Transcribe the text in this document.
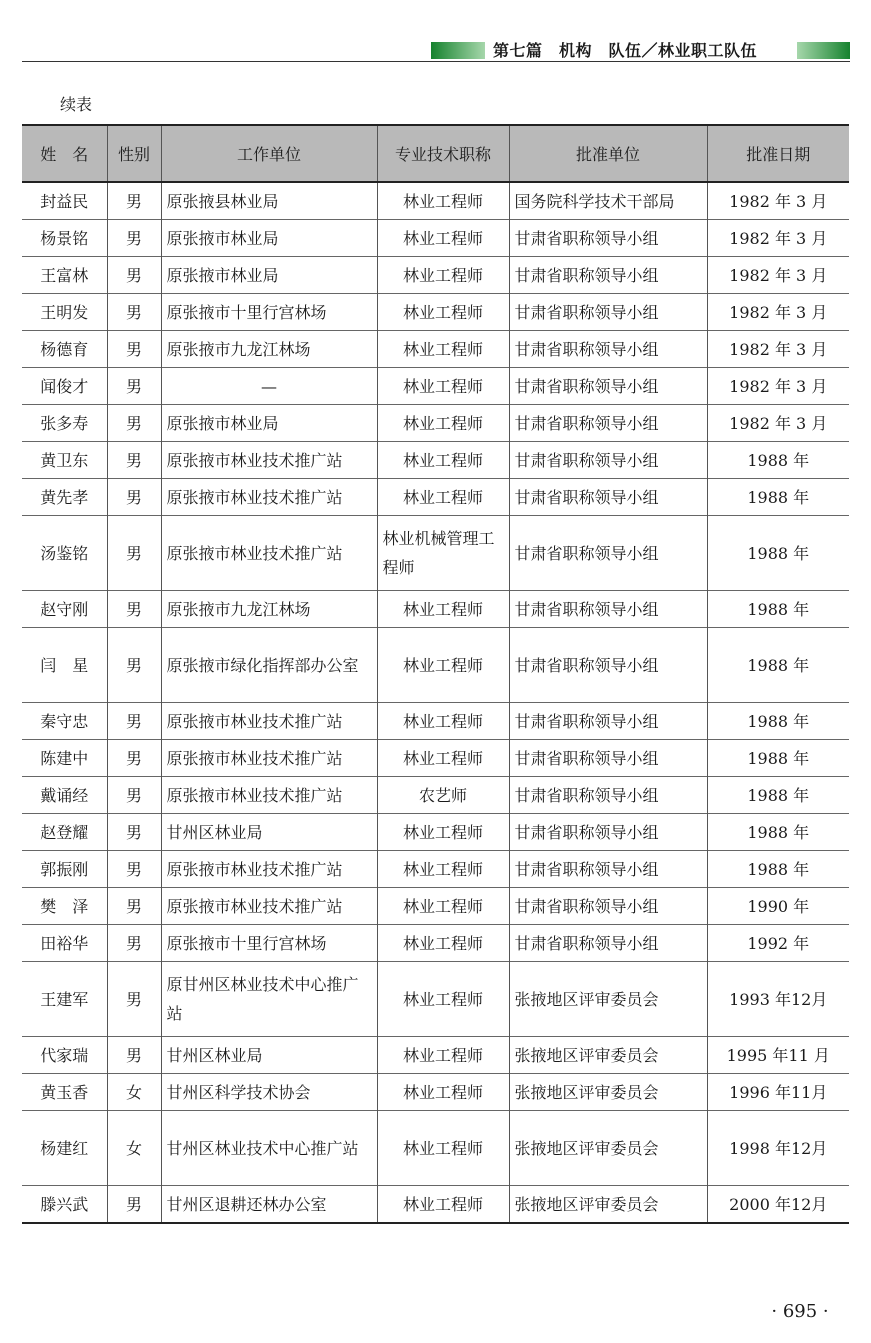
第七篇　机构　队伍／林业职工队伍
续表
姓　名	性别	工作单位	专业技术职称	批准单位	批准日期
封益民	男	原张掖县林业局	林业工程师	国务院科学技术干部局	1982 年 3 月
杨景铭	男	原张掖市林业局	林业工程师	甘肃省职称领导小组	1982 年 3 月
王富林	男	原张掖市林业局	林业工程师	甘肃省职称领导小组	1982 年 3 月
王明发	男	原张掖市十里行宫林场	林业工程师	甘肃省职称领导小组	1982 年 3 月
杨德育	男	原张掖市九龙江林场	林业工程师	甘肃省职称领导小组	1982 年 3 月
闻俊才	男	—	林业工程师	甘肃省职称领导小组	1982 年 3 月
张多寿	男	原张掖市林业局	林业工程师	甘肃省职称领导小组	1982 年 3 月
黄卫东	男	原张掖市林业技术推广站	林业工程师	甘肃省职称领导小组	1988 年
黄先孝	男	原张掖市林业技术推广站	林业工程师	甘肃省职称领导小组	1988 年
汤鉴铭	男	原张掖市林业技术推广站	林业机械管理工程师	甘肃省职称领导小组	1988 年
赵守刚	男	原张掖市九龙江林场	林业工程师	甘肃省职称领导小组	1988 年
闫　星	男	原张掖市绿化指挥部办公室	林业工程师	甘肃省职称领导小组	1988 年
秦守忠	男	原张掖市林业技术推广站	林业工程师	甘肃省职称领导小组	1988 年
陈建中	男	原张掖市林业技术推广站	林业工程师	甘肃省职称领导小组	1988 年
戴诵经	男	原张掖市林业技术推广站	农艺师	甘肃省职称领导小组	1988 年
赵登耀	男	甘州区林业局	林业工程师	甘肃省职称领导小组	1988 年
郭振刚	男	原张掖市林业技术推广站	林业工程师	甘肃省职称领导小组	1988 年
樊　泽	男	原张掖市林业技术推广站	林业工程师	甘肃省职称领导小组	1990 年
田裕华	男	原张掖市十里行宫林场	林业工程师	甘肃省职称领导小组	1992 年
王建军	男	原甘州区林业技术中心推广站	林业工程师	张掖地区评审委员会	1993 年12月
代家瑞	男	甘州区林业局	林业工程师	张掖地区评审委员会	1995 年11 月
黄玉香	女	甘州区科学技术协会	林业工程师	张掖地区评审委员会	1996 年11月
杨建红	女	甘州区林业技术中心推广站	林业工程师	张掖地区评审委员会	1998 年12月
滕兴武	男	甘州区退耕还林办公室	林业工程师	张掖地区评审委员会	2000 年12月
· 695 ·
